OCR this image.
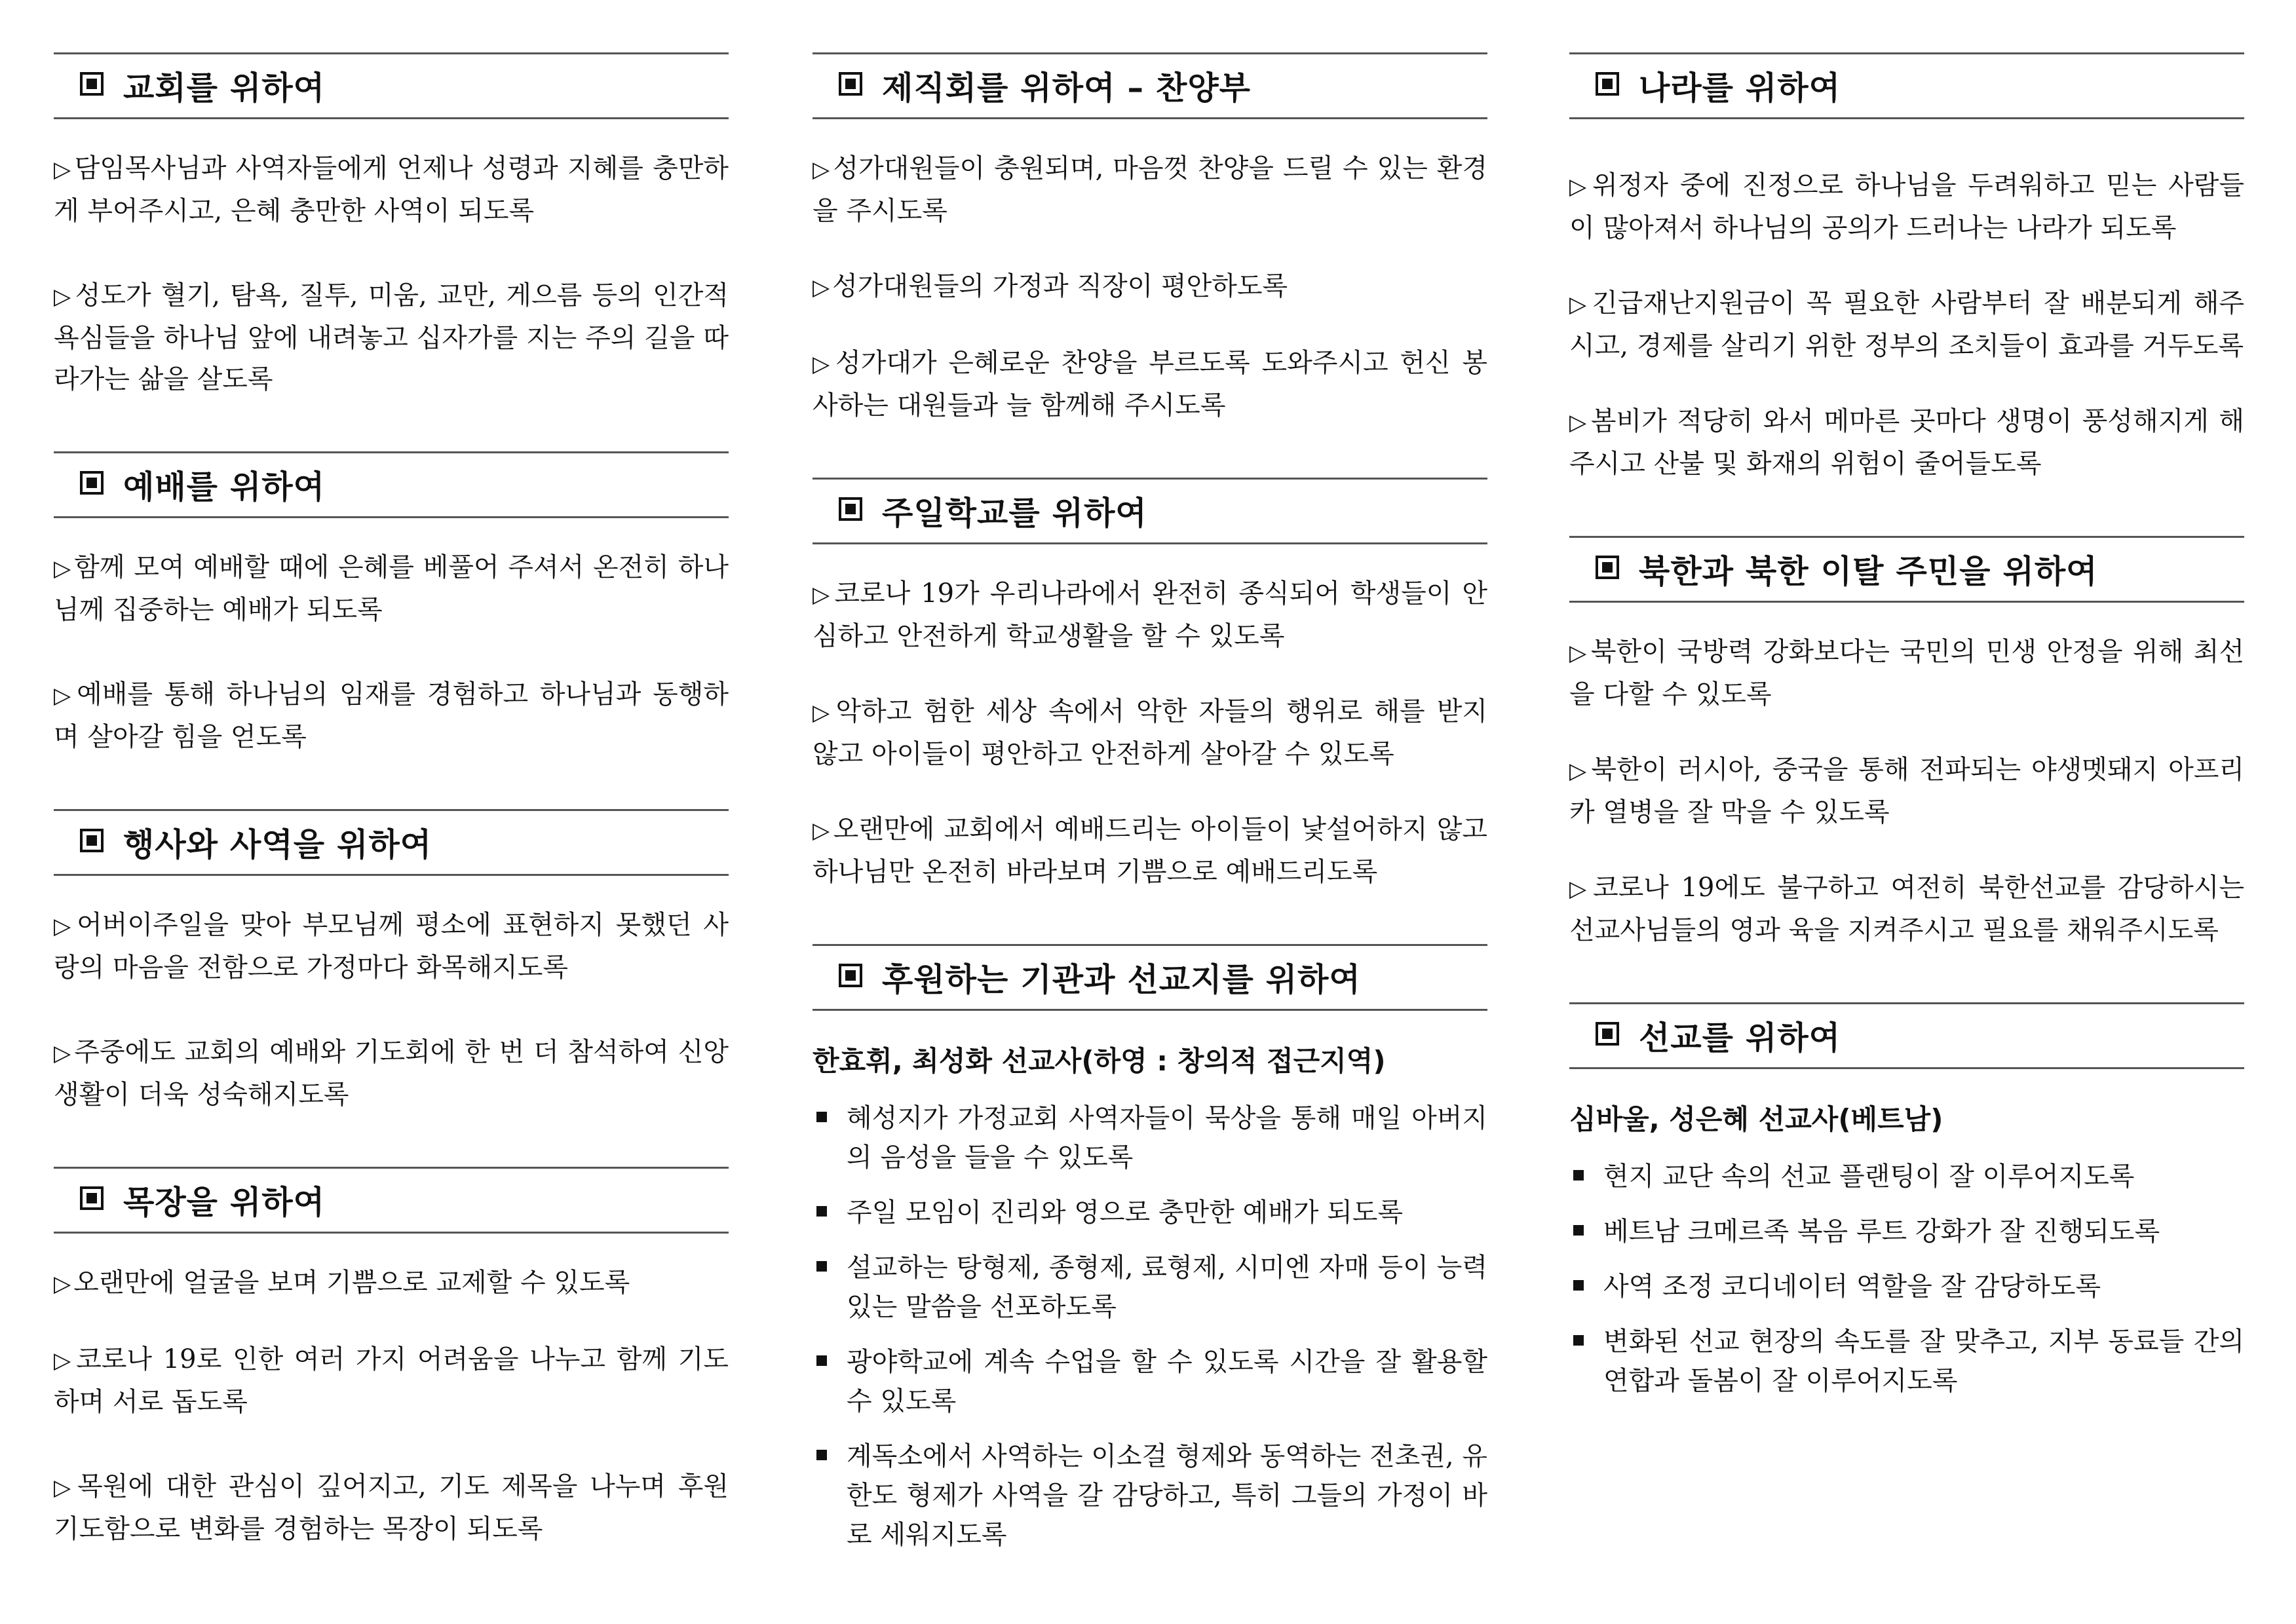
교회를 위하여
▷ 담임목사님과 사역자들에게 언제나 성령과 지혜를 충만하게 부어주시고, 은혜 충만한 사역이 되도록
▷ 성도가 혈기, 탐욕, 질투, 미움, 교만, 게으름 등의 인간적 욕심들을 하나님 앞에 내려놓고 십자가를 지는 주의 길을 따라가는 삶을 살도록
예배를 위하여
▷ 함께 모여 예배할 때에 은혜를 베풀어 주셔서 온전히 하나님께 집중하는 예배가 되도록
▷ 예배를 통해 하나님의 임재를 경험하고 하나님과 동행하며 살아갈 힘을 얻도록
행사와 사역을 위하여
▷ 어버이주일을 맞아 부모님께 평소에 표현하지 못했던 사랑의 마음을 전함으로 가정마다 화목해지도록
▷ 주중에도 교회의 예배와 기도회에 한 번 더 참석하여 신앙생활이 더욱 성숙해지도록
목장을 위하여
▷ 오랜만에 얼굴을 보며 기쁨으로 교제할 수 있도록
▷ 코로나 19로 인한 여러 가지 어려움을 나누고 함께 기도하며 서로 돕도록
▷ 목원에 대한 관심이 깊어지고, 기도 제목을 나누며 후원 기도함으로 변화를 경험하는 목장이 되도록
제직회를 위하여 – 찬양부
▷ 성가대원들이 충원되며, 마음껏 찬양을 드릴 수 있는 환경을 주시도록
▷ 성가대원들의 가정과 직장이 평안하도록
▷ 성가대가 은혜로운 찬양을 부르도록 도와주시고 헌신 봉사하는 대원들과 늘 함께해 주시도록
주일학교를 위하여
▷ 코로나 19가 우리나라에서 완전히 종식되어 학생들이 안심하고 안전하게 학교생활을 할 수 있도록
▷ 악하고 험한 세상 속에서 악한 자들의 행위로 해를 받지 않고 아이들이 평안하고 안전하게 살아갈 수 있도록
▷ 오랜만에 교회에서 예배드리는 아이들이 낯설어하지 않고 하나님만 온전히 바라보며 기쁨으로 예배드리도록
후원하는 기관과 선교지를 위하여
한효휘, 최성화 선교사(하영 : 창의적 접근지역)
혜성지가 가정교회 사역자들이 묵상을 통해 매일 아버지의 음성을 들을 수 있도록
주일 모임이 진리와 영으로 충만한 예배가 되도록
설교하는 탕형제, 종형제, 료형제, 시미엔 자매 등이 능력 있는 말씀을 선포하도록
광야학교에 계속 수업을 할 수 있도록 시간을 잘 활용할 수 있도록
계독소에서 사역하는 이소걸 형제와 동역하는 전초권, 유한도 형제가 사역을 갈 감당하고, 특히 그들의 가정이 바로 세워지도록
나라를 위하여
▷ 위정자 중에 진정으로 하나님을 두려워하고 믿는 사람들이 많아져서 하나님의 공의가 드러나는 나라가 되도록
▷ 긴급재난지원금이 꼭 필요한 사람부터 잘 배분되게 해주시고, 경제를 살리기 위한 정부의 조치들이 효과를 거두도록
▷ 봄비가 적당히 와서 메마른 곳마다 생명이 풍성해지게 해주시고 산불 및 화재의 위험이 줄어들도록
북한과 북한 이탈 주민을 위하여
▷ 북한이 국방력 강화보다는 국민의 민생 안정을 위해 최선을 다할 수 있도록
▷ 북한이 러시아, 중국을 통해 전파되는 야생멧돼지 아프리카 열병을 잘 막을 수 있도록
▷ 코로나 19에도 불구하고 여전히 북한선교를 감당하시는 선교사님들의 영과 육을 지켜주시고 필요를 채워주시도록
선교를 위하여
심바울, 성은혜 선교사(베트남)
현지 교단 속의 선교 플랜팅이 잘 이루어지도록
베트남 크메르족 복음 루트 강화가 잘 진행되도록
사역 조정 코디네이터 역할을 잘 감당하도록
변화된 선교 현장의 속도를 잘 맞추고, 지부 동료들 간의 연합과 돌봄이 잘 이루어지도록
